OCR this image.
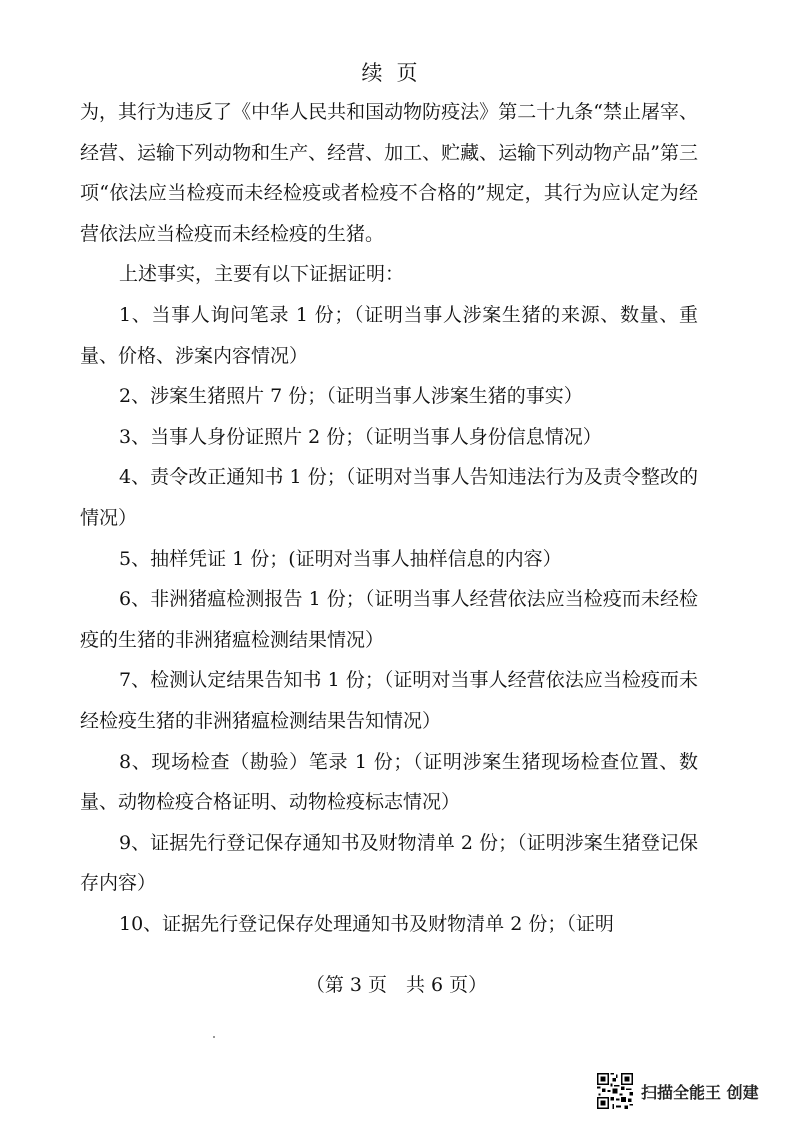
续页

为，其行为违反了《中华人民共和国动物防疫法》第二十九条“禁止屠宰、经营、运输下列动物和生产、经营、加工、贮藏、运输下列动物产品”第三项“依法应当检疫而未经检疫或者检疫不合格的”规定，其行为应认定为经营依法应当检疫而未经检疫的生猪。

上述事实，主要有以下证据证明：

1、当事人询问笔录 1 份；（证明当事人涉案生猪的来源、数量、重量、价格、涉案内容情况）

2、涉案生猪照片 7 份；（证明当事人涉案生猪的事实）

3、当事人身份证照片 2 份；（证明当事人身份信息情况）

4、责令改正通知书 1 份；（证明对当事人告知违法行为及责令整改的情况）

5、抽样凭证 1 份；(证明对当事人抽样信息的内容）

6、非洲猪瘟检测报告 1 份；（证明当事人经营依法应当检疫而未经检疫的生猪的非洲猪瘟检测结果情况）

7、检测认定结果告知书 1 份；（证明对当事人经营依法应当检疫而未经检疫生猪的非洲猪瘟检测结果告知情况）

8、现场检查（勘验）笔录 1 份；（证明涉案生猪现场检查位置、数量、动物检疫合格证明、动物检疫标志情况）

9、证据先行登记保存通知书及财物清单 2 份；（证明涉案生猪登记保存内容）

10、证据先行登记保存处理通知书及财物清单 2 份；（证明

（第 3 页　共 6 页）
扫描全能王 创建
